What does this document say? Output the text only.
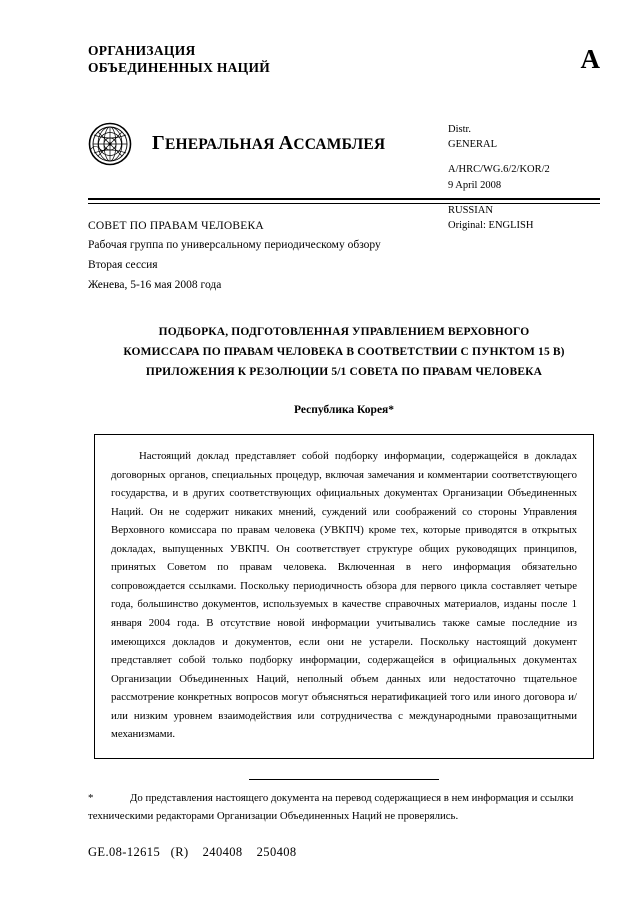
ОРГАНИЗАЦИЯ
ОБЪЕДИНЕННЫХ НАЦИЙ	A
ГЕНЕРАЛЬНАЯ АССАМБЛЕЯ
Distr.
GENERAL
A/HRC/WG.6/2/KOR/2
9 April 2008
RUSSIAN
Original: ENGLISH
СОВЕТ ПО ПРАВАМ ЧЕЛОВЕКА
Рабочая группа по универсальному периодическому обзору
Вторая сессия
Женева, 5-16 мая 2008 года
ПОДБОРКА, ПОДГОТОВЛЕННАЯ УПРАВЛЕНИЕМ ВЕРХОВНОГО
КОМИССАРА ПО ПРАВАМ ЧЕЛОВЕКА В СООТВЕТСТВИИ С ПУНКТОМ 15 В)
ПРИЛОЖЕНИЯ К РЕЗОЛЮЦИИ 5/1 СОВЕТА ПО ПРАВАМ ЧЕЛОВЕКА
Республика Корея*

Настоящий доклад представляет собой подборку информации, содержащейся в докладах договорных органов, специальных процедур, включая замечания и комментарии соответствующего государства, и в других соответствующих официальных документах Организации Объединенных Наций. Он не содержит никаких мнений, суждений или соображений со стороны Управления Верховного комиссара по правам человека (УВКПЧ) кроме тех, которые приводятся в открытых докладах, выпущенных УВКПЧ. Он соответствует структуре общих руководящих принципов, принятых Советом по правам человека. Включенная в него информация обязательно сопровождается ссылками. Поскольку периодичность обзора для первого цикла составляет четыре года, большинство документов, используемых в качестве справочных материалов, изданы после 1 января 2004 года. В отсутствие новой информации учитывались также самые последние из имеющихся докладов и документов, если они не устарели. Поскольку настоящий документ представляет собой только подборку информации, содержащейся в официальных документах Организации Объединенных Наций, неполный объем данных или недостаточно тщательное рассмотрение конкретных вопросов могут объясняться нератификацией того или иного договора и/или низким уровнем взаимодействия или сотрудничества с международными правозащитными механизмами.

*	До представления настоящего документа на перевод содержащиеся в нем информация и ссылки техническими редакторами Организации Объединенных Наций не проверялись.
GE.08-12615   (R)    240408    250408
